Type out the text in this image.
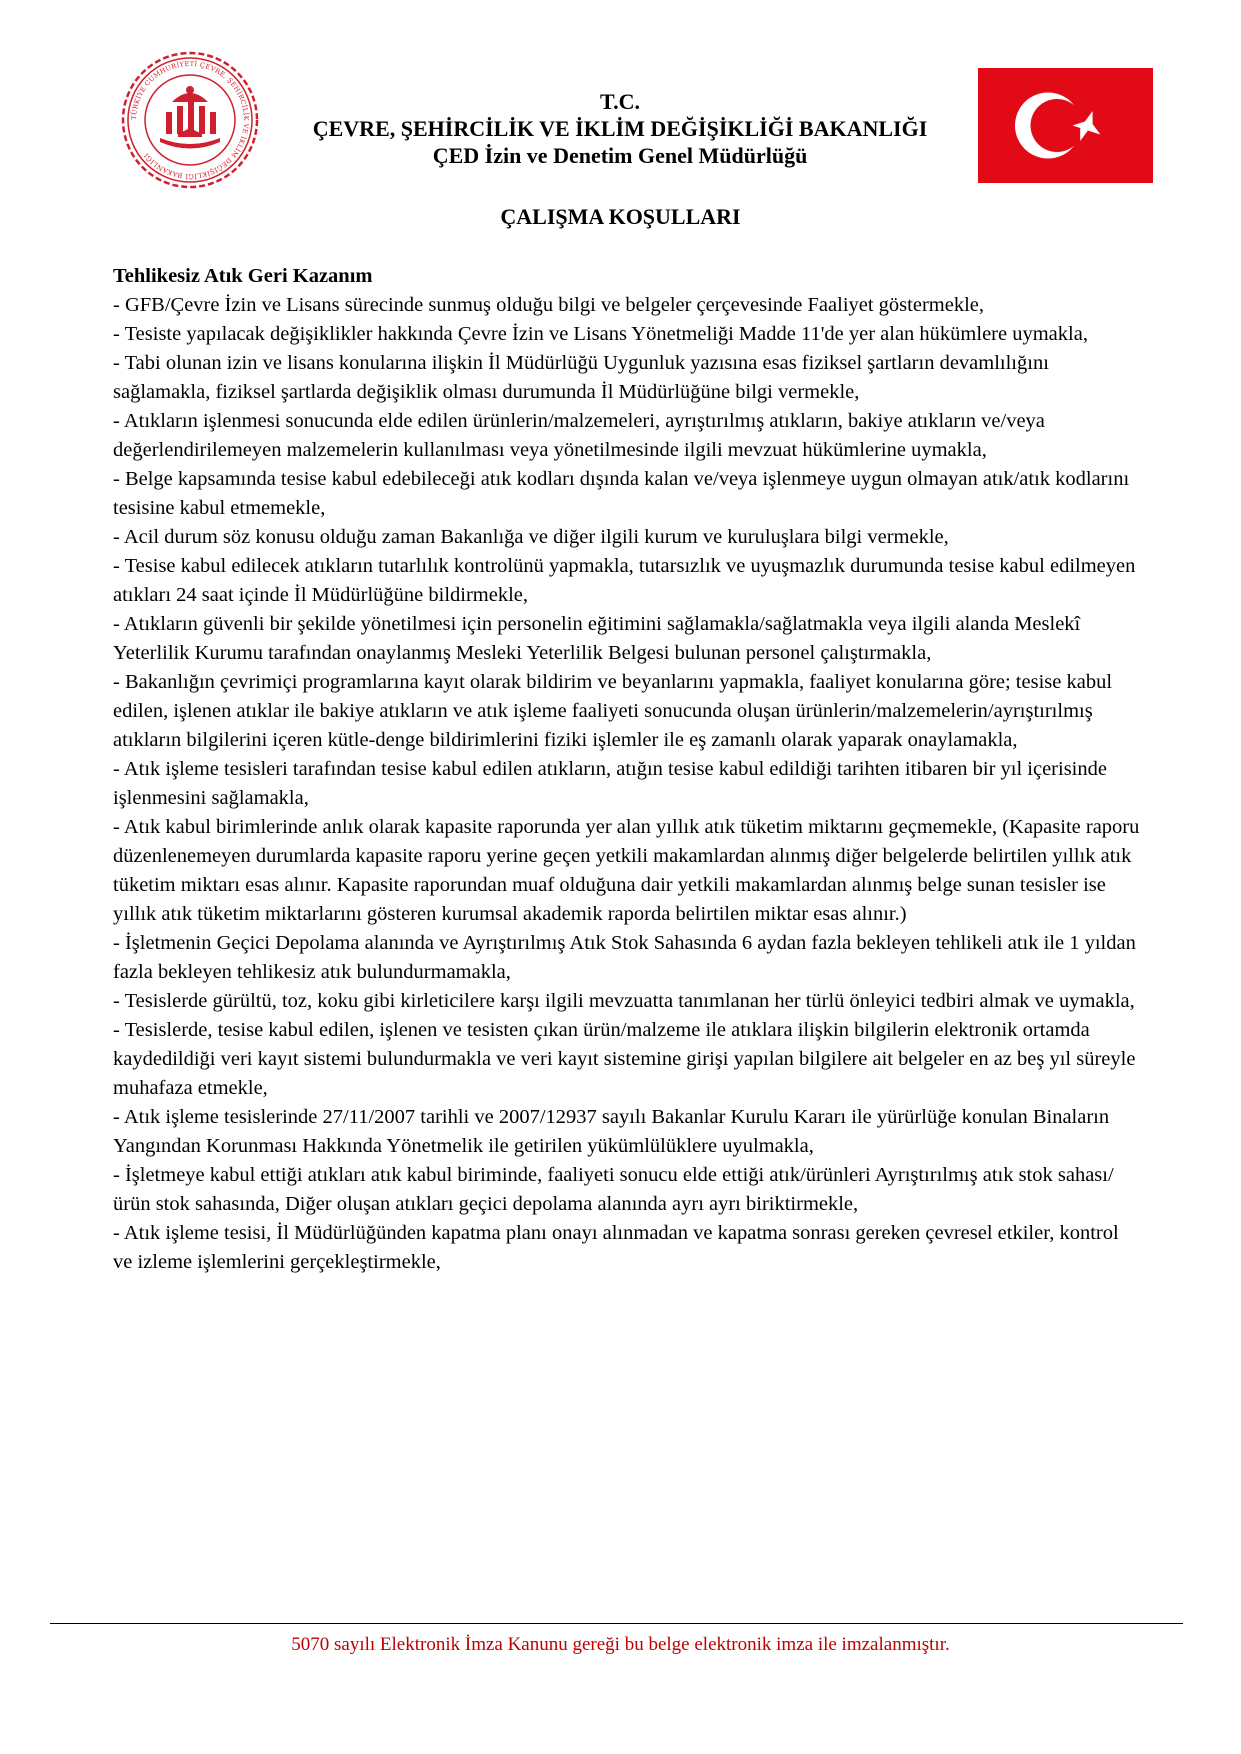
TÜRKİYE CUMHURİYETİ ÇEVRE, ŞEHİRCİLİK VE İKLİM DEĞİŞİKLİĞİ BAKANLIĞI
T.C.
ÇEVRE, ŞEHİRCİLİK VE İKLİM DEĞİŞİKLİĞİ BAKANLIĞI
ÇED İzin ve Denetim Genel Müdürlüğü
ÇALIŞMA KOŞULLARI
Tehlikesiz Atık Geri Kazanım

- GFB/Çevre İzin ve Lisans sürecinde sunmuş olduğu bilgi ve belgeler çerçevesinde Faaliyet göstermekle,

- Tesiste yapılacak değişiklikler hakkında Çevre İzin ve Lisans Yönetmeliği Madde 11'de yer alan hükümlere uymakla,

- Tabi olunan izin ve lisans konularına ilişkin İl Müdürlüğü Uygunluk yazısına esas fiziksel şartların devamlılığını sağlamakla, fiziksel şartlarda değişiklik olması durumunda İl Müdürlüğüne bilgi vermekle,

- Atıkların işlenmesi sonucunda elde edilen ürünlerin/malzemeleri, ayrıştırılmış atıkların, bakiye atıkların ve/veya değerlendirilemeyen malzemelerin kullanılması veya yönetilmesinde ilgili mevzuat hükümlerine uymakla,

- Belge kapsamında tesise kabul edebileceği atık kodları dışında kalan ve/veya işlenmeye uygun olmayan atık/atık kodlarını tesisine kabul etmemekle,

- Acil durum söz konusu olduğu zaman Bakanlığa ve diğer ilgili kurum ve kuruluşlara bilgi vermekle,

- Tesise kabul edilecek atıkların tutarlılık kontrolünü yapmakla, tutarsızlık ve uyuşmazlık durumunda tesise kabul edilmeyen atıkları 24 saat içinde İl Müdürlüğüne bildirmekle,

- Atıkların güvenli bir şekilde yönetilmesi için personelin eğitimini sağlamakla/sağlatmakla veya ilgili alanda Meslekî Yeterlilik Kurumu tarafından onaylanmış Mesleki Yeterlilik Belgesi bulunan personel çalıştırmakla,

- Bakanlığın çevrimiçi programlarına kayıt olarak bildirim ve beyanlarını yapmakla, faaliyet konularına göre; tesise kabul edilen, işlenen atıklar ile bakiye atıkların ve atık işleme faaliyeti sonucunda oluşan ürünlerin/malzemelerin/ayrıştırılmış atıkların bilgilerini içeren kütle-denge bildirimlerini fiziki işlemler ile eş zamanlı olarak yaparak onaylamakla,

- Atık işleme tesisleri tarafından tesise kabul edilen atıkların, atığın tesise kabul edildiği tarihten itibaren bir yıl içerisinde işlenmesini sağlamakla,

- Atık kabul birimlerinde anlık olarak kapasite raporunda yer alan yıllık atık tüketim miktarını geçmemekle, (Kapasite raporu düzenlenemeyen durumlarda kapasite raporu yerine geçen yetkili makamlardan alınmış diğer belgelerde belirtilen yıllık atık tüketim miktarı esas alınır. Kapasite raporundan muaf olduğuna dair yetkili makamlardan alınmış belge sunan tesisler ise yıllık atık tüketim miktarlarını gösteren kurumsal akademik raporda belirtilen miktar esas alınır.)

- İşletmenin Geçici Depolama alanında ve Ayrıştırılmış Atık Stok Sahasında 6 aydan fazla bekleyen tehlikeli atık ile 1 yıldan fazla bekleyen tehlikesiz atık bulundurmamakla,

- Tesislerde gürültü, toz, koku gibi kirleticilere karşı ilgili mevzuatta tanımlanan her türlü önleyici tedbiri almak ve uymakla,

- Tesislerde, tesise kabul edilen, işlenen ve tesisten çıkan ürün/malzeme ile atıklara ilişkin bilgilerin elektronik ortamda kaydedildiği veri kayıt sistemi bulundurmakla ve veri kayıt sistemine girişi yapılan bilgilere ait belgeler en az beş yıl süreyle muhafaza etmekle,

- Atık işleme tesislerinde 27/11/2007 tarihli ve 2007/12937 sayılı Bakanlar Kurulu Kararı ile yürürlüğe konulan Binaların Yangından Korunması Hakkında Yönetmelik ile getirilen yükümlülüklere uyulmakla,

- İşletmeye kabul ettiği atıkları atık kabul biriminde, faaliyeti sonucu elde ettiği atık/ürünleri Ayrıştırılmış atık stok sahası/ürün stok sahasında, Diğer oluşan atıkları geçici depolama alanında ayrı ayrı biriktirmekle,

- Atık işleme tesisi, İl Müdürlüğünden kapatma planı onayı alınmadan ve kapatma sonrası gereken çevresel etkiler, kontrol ve izleme işlemlerini gerçekleştirmekle,

5070 sayılı Elektronik İmza Kanunu gereği bu belge elektronik imza ile imzalanmıştır.
